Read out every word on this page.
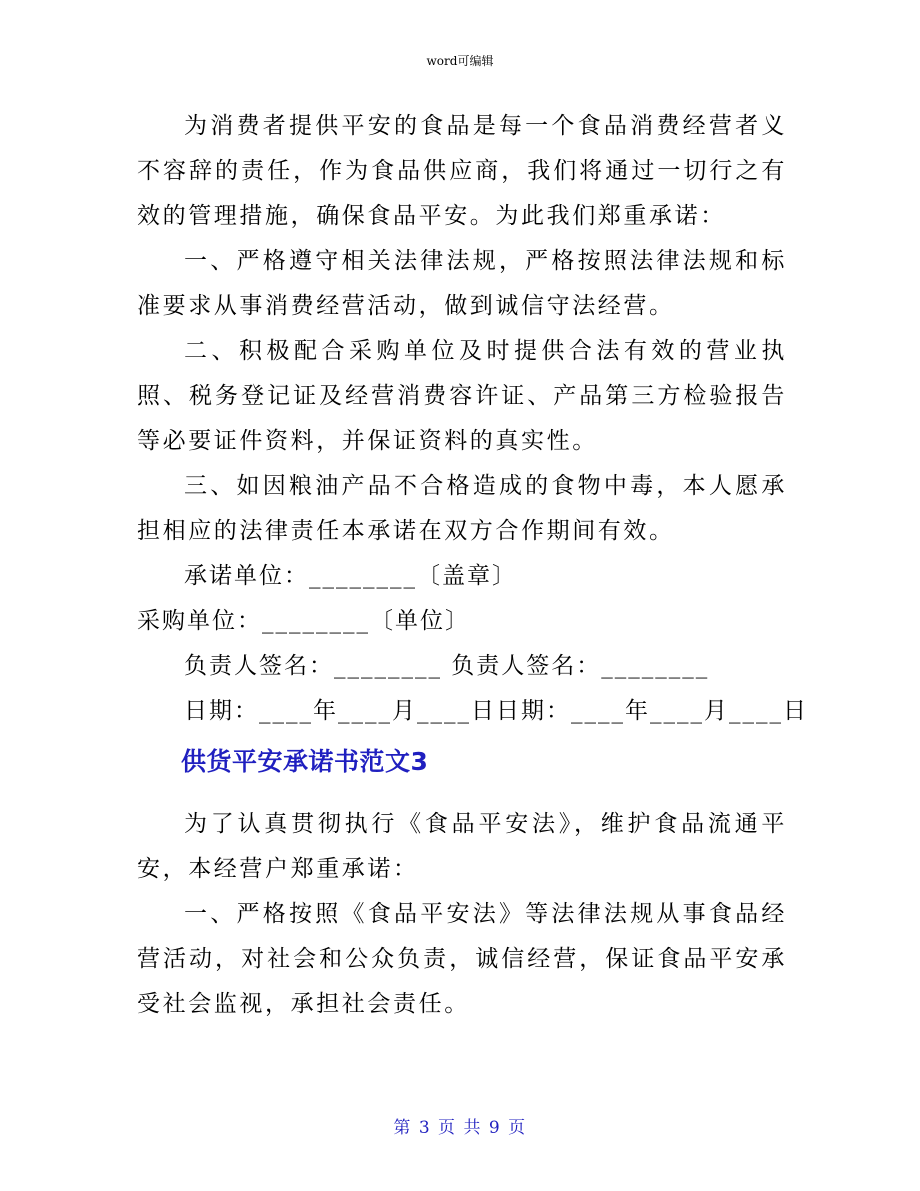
word可编辑

为消费者提供平安的食品是每一个食品消费经营者义不容辞的责任，作为食品供应商，我们将通过一切行之有效的管理措施，确保食品平安。为此我们郑重承诺：

一、严格遵守相关法律法规，严格按照法律法规和标准要求从事消费经营活动，做到诚信守法经营。

二、积极配合采购单位及时提供合法有效的营业执照、税务登记证及经营消费容许证、产品第三方检验报告等必要证件资料，并保证资料的真实性。

三、如因粮油产品不合格造成的食物中毒，本人愿承担相应的法律责任本承诺在双方合作期间有效。

承诺单位：________〔盖章〕

采购单位：________〔单位〕

负责人签名：________ 负责人签名：________

日期：____年____月____日日期：____年____月____日

供货平安承诺书范文3

为了认真贯彻执行《食品平安法》，维护食品流通平安，本经营户郑重承诺：

一、严格按照《食品平安法》等法律法规从事食品经营活动，对社会和公众负责，诚信经营，保证食品平安承受社会监视，承担社会责任。

第 3 页 共 9 页
